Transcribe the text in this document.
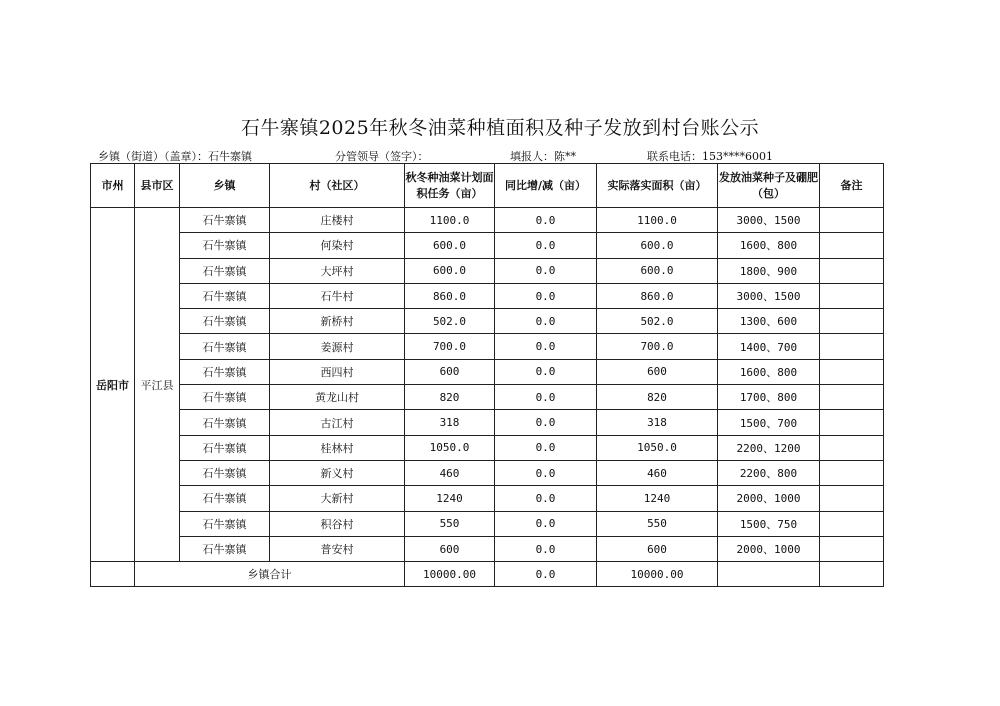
石牛寨镇2025年秋冬油菜种植面积及种子发放到村台账公示
乡镇（街道）（盖章）：石牛寨镇	分管领导（签字）：	填报人：陈**	联系电话：153****6001
市州	县市区	乡镇	村（社区）	秋冬种油菜计划面积任务（亩）	同比增/减（亩）	实际落实面积（亩）	发放油菜种子及硼肥（包）	备注
岳阳市	平江县	石牛寨镇	庄楼村	1100.0	0.0	1100.0	3000、1500	
		石牛寨镇	何染村	600.0	0.0	600.0	1600、800	
		石牛寨镇	大坪村	600.0	0.0	600.0	1800、900	
		石牛寨镇	石牛村	860.0	0.0	860.0	3000、1500	
		石牛寨镇	新桥村	502.0	0.0	502.0	1300、600	
		石牛寨镇	姜源村	700.0	0.0	700.0	1400、700	
		石牛寨镇	西四村	600	0.0	600	1600、800	
		石牛寨镇	黄龙山村	820	0.0	820	1700、800	
		石牛寨镇	古江村	318	0.0	318	1500、700	
		石牛寨镇	桂林村	1050.0	0.0	1050.0	2200、1200	
		石牛寨镇	新义村	460	0.0	460	2200、800	
		石牛寨镇	大新村	1240	0.0	1240	2000、1000	
		石牛寨镇	积谷村	550	0.0	550	1500、750	
		石牛寨镇	普安村	600	0.0	600	2000、1000	
	乡镇合计			10000.00	0.0	10000.00		
